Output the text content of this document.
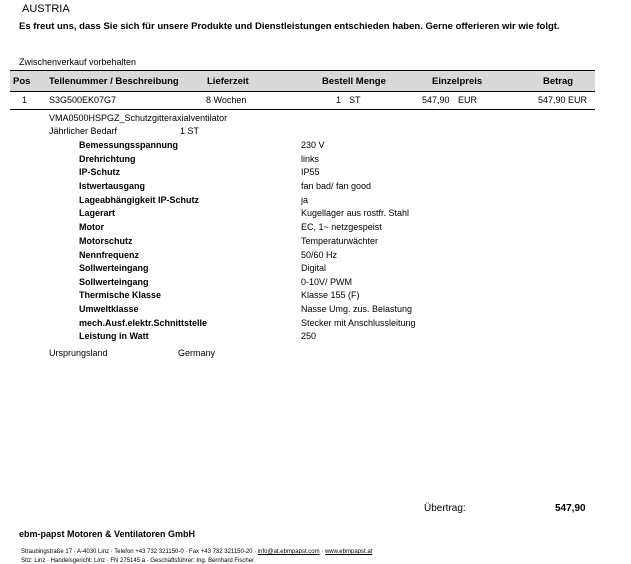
AUSTRIA
Es freut uns, dass Sie sich für unsere Produkte und Dienstleistungen entschieden haben. Gerne offerieren wir wie folgt.
Zwischenverkauf vorbehalten
Pos Teilenummer / Beschreibung	Lieferzeit	Bestell Menge	Einzelpreis	Betrag
1 S3G500EK07G7	8 Wochen	1 ST	547,90 EUR	547,90 EUR
VMA0500HSPGZ_Schutzgitteraxialventilator
Jährlicher Bedarf	1 ST
Bemessungsspannung	230 V
Drehrichtung	links
IP-Schutz	IP55
Istwertausgang	fan bad/ fan good
Lageabhängigkeit IP-Schutz	ja
Lagerart	Kugellager aus rostfr. Stahl
Motor	EC, 1~ netzgespeist
Motorschutz	Temperaturwächter
Nennfrequenz	50/60 Hz
Sollwerteingang	Digital
Sollwerteingang	0-10V/ PWM
Thermische Klasse	Klasse 155 (F)
Umweltklasse	Nasse Umg. zus. Belastung
mech.Ausf.elektr.Schnittstelle	Stecker mit Anschlussleitung
Leistung in Watt	250
Ursprungsland	Germany
Übertrag:	547,90
ebm-papst Motoren & Ventilatoren GmbH
Straubingstraße 17 · A-4030 Linz · Telefon +43 732 321150-0 · Fax +43 732 321150-20 · info@at.ebmpapst.com · www.ebmpapst.at
Sitz: Linz · Handelsgericht: Linz · FN 275145 a · Geschäftsführer: Ing. Bernhard Fischer
